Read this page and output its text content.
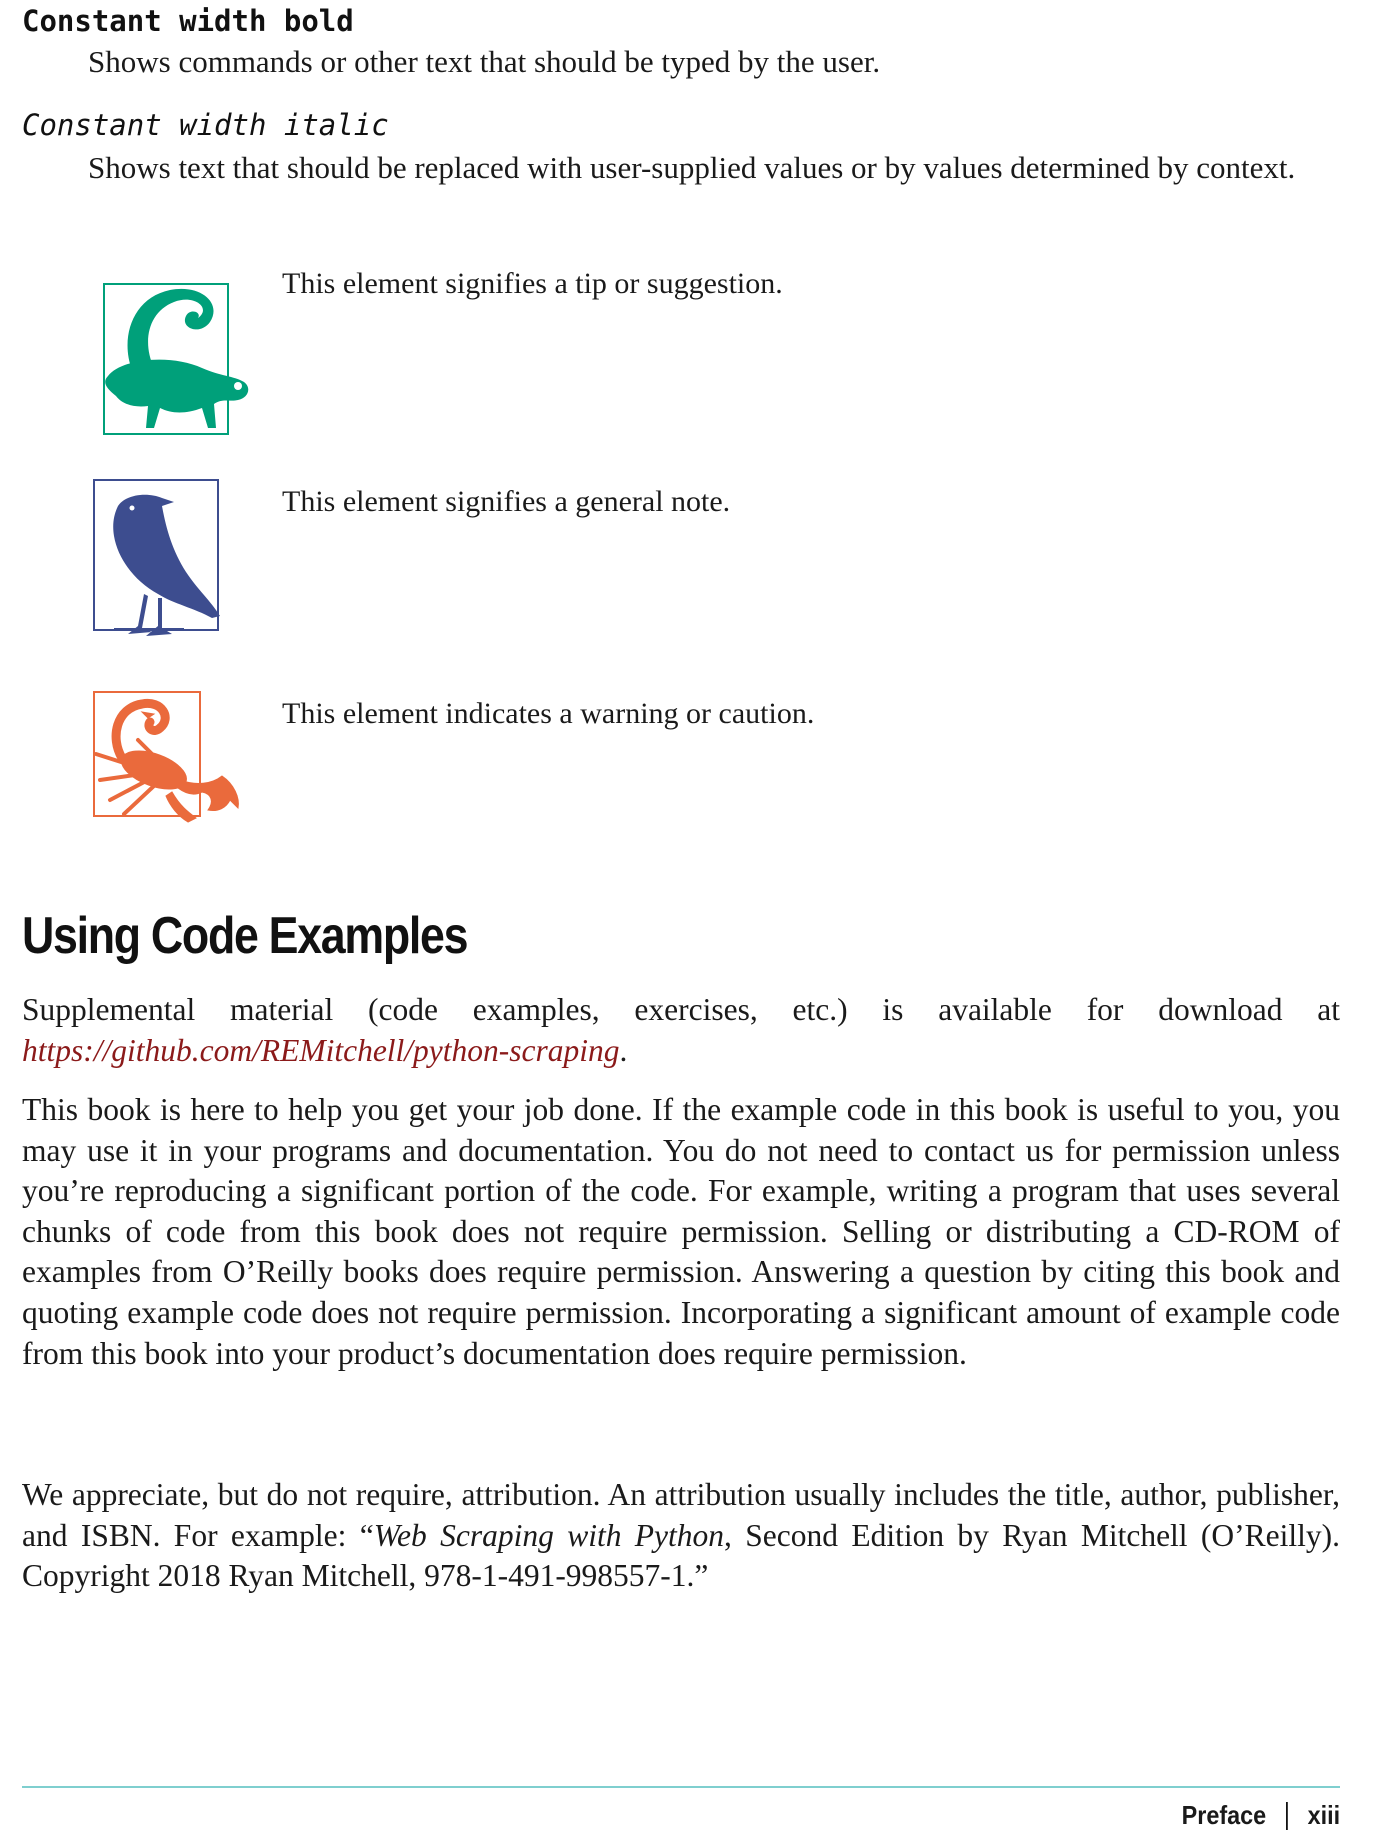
Constant width bold
Shows commands or other text that should be typed by the user.
Constant width italic
Shows text that should be replaced with user-supplied values or by values determined by context.
This element signifies a tip or suggestion.
This element signifies a general note.
This element indicates a warning or caution.
Using Code Examples

Supplemental material (code examples, exercises, etc.) is available for download at https://github.com/REMitchell/python-scraping.

This book is here to help you get your job done. If the example code in this book is useful to you, you may use it in your programs and documentation. You do not need to contact us for permission unless you’re reproducing a significant portion of the code. For example, writing a program that uses several chunks of code from this book does not require permission. Selling or distributing a CD-ROM of examples from O’Reilly books does require permission. Answering a question by citing this book and quoting example code does not require permission. Incorporating a significant amount of example code from this book into your product’s documentation does require permission.

We appreciate, but do not require, attribution. An attribution usually includes the title, author, publisher, and ISBN. For example: “Web Scraping with Python, Second Edition by Ryan Mitchell (O’Reilly). Copyright 2018 Ryan Mitchell, 978-1-491-998557-1.”

Preface xiii
